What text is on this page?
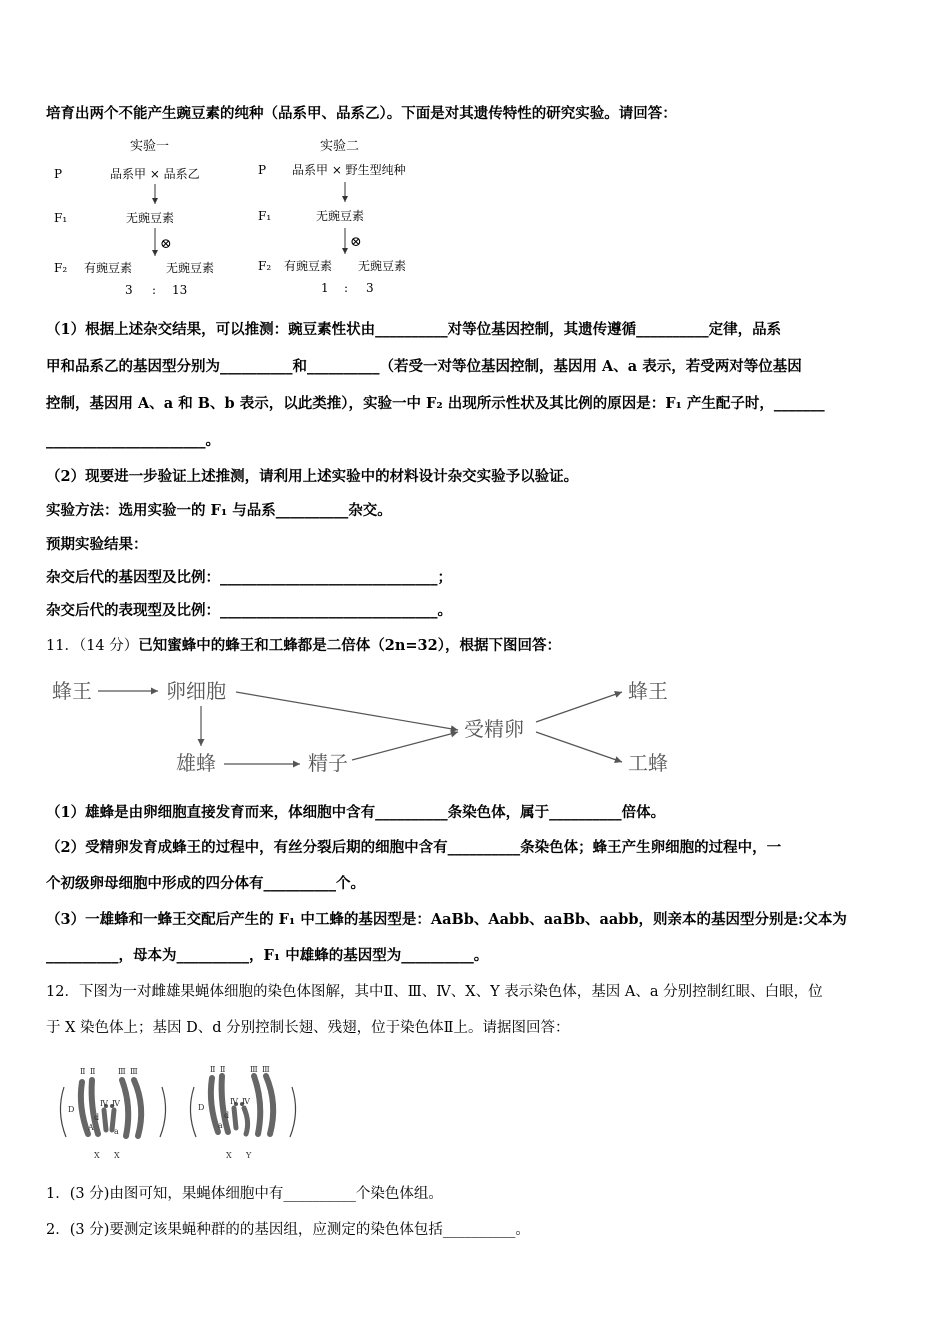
培育出两个不能产生豌豆素的纯种（品系甲、品系乙）。下面是对其遗传特性的研究实验。请回答：
实验一
P	品系甲 × 品系乙
F₁	无豌豆素
⊗
F₂ 有豌豆素	无豌豆素
3 : 13
实验二
P 品系甲 × 野生型纯种
F₁	无豌豆素
⊗
F₂ 有豌豆素 无豌豆素
1 : 3
（1）根据上述杂交结果，可以推测：豌豆素性状由__________对等位基因控制，其遗传遵循__________定律，品系
甲和品系乙的基因型分别为__________和__________（若受一对等位基因控制，基因用 A、a 表示，若受两对等位基因
控制，基因用 A、a 和 B、b 表示，以此类推），实验一中 F₂ 出现所示性状及其比例的原因是：F₁ 产生配子时，_______
______________________。
（2）现要进一步验证上述推测，请利用上述实验中的材料设计杂交实验予以验证。
实验方法：选用实验一的 F₁ 与品系__________杂交。
预期实验结果：
杂交后代的基因型及比例：______________________________；
杂交后代的表现型及比例：______________________________。
11．（14 分）已知蜜蜂中的蜂王和工蜂都是二倍体（2n=32），根据下图回答：
蜂王	卵细胞
雄蜂	精子
受精卵
蜂王
工蜂
（1）雄蜂是由卵细胞直接发育而来，体细胞中含有__________条染色体，属于__________倍体。
（2）受精卵发育成蜂王的过程中，有丝分裂后期的细胞中含有__________条染色体；蜂王产生卵细胞的过程中，一
个初级卵母细胞中形成的四分体有__________个。
（3）一雄蜂和一蜂王交配后产生的 F₁ 中工蜂的基因型是：AaBb、Aabb、aaBb、aabb，则亲本的基因型分别是:父本为
__________，母本为__________，F₁ 中雄蜂的基因型为__________。
12．下图为一对雌雄果蝇体细胞的染色体图解，其中Ⅱ、Ⅲ、Ⅳ、X、Y 表示染色体，基因 A、a 分别控制红眼、白眼，位
于 X 染色体上；基因 D、d 分别控制长翅、残翅，位于染色体Ⅱ上。请据图回答：
Ⅱ Ⅱ	Ⅲ Ⅲ
Ⅳ Ⅳ
D
d
A	a
X X
Ⅱ Ⅱ	Ⅲ Ⅲ
Ⅳ Ⅳ
D
d
a
X Y
1．(3 分)由图可知，果蝇体细胞中有__________个染色体组。
2．(3 分)要测定该果蝇种群的的基因组，应测定的染色体包括__________。
